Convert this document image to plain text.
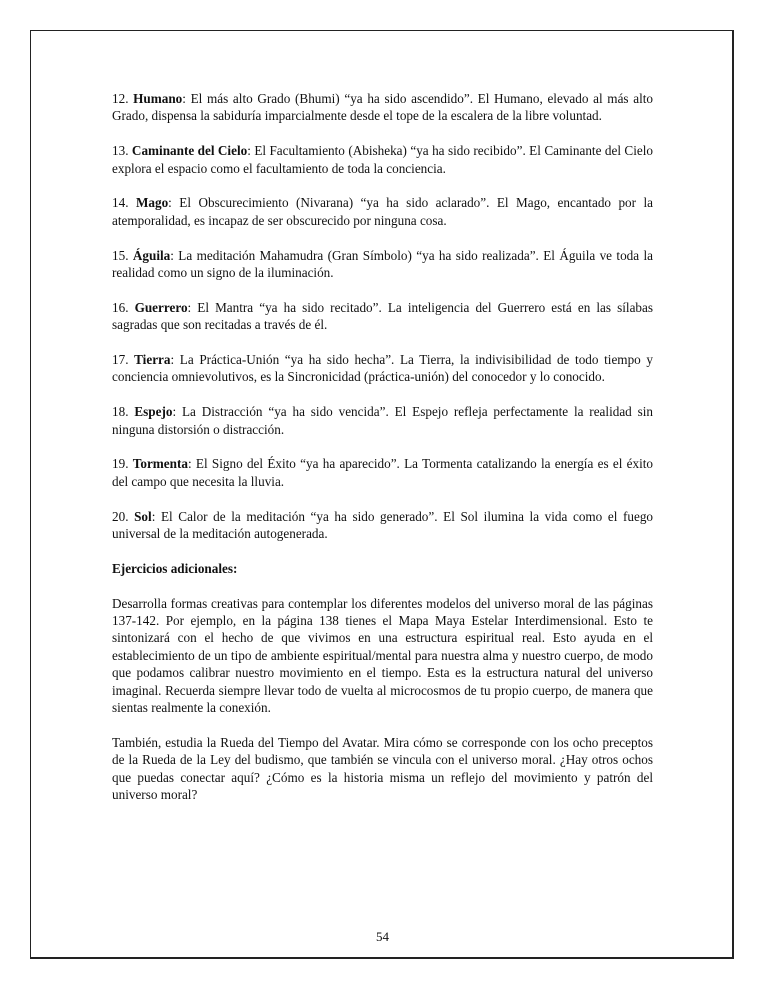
12. Humano: El más alto Grado (Bhumi) “ya ha sido ascendido”. El Humano, elevado al más alto Grado, dispensa la sabiduría imparcialmente desde el tope de la escalera de la libre voluntad.

13. Caminante del Cielo: El Facultamiento (Abisheka) “ya ha sido recibido”. El Caminante del Cielo explora el espacio como el facultamiento de toda la conciencia.

14. Mago: El Obscurecimiento (Nivarana) “ya ha sido aclarado”. El Mago, encantado por la atemporalidad, es incapaz de ser obscurecido por ninguna cosa.

15. Águila: La meditación Mahamudra (Gran Símbolo) “ya ha sido realizada”. El Águila ve toda la realidad como un signo de la iluminación.

16. Guerrero: El Mantra “ya ha sido recitado”. La inteligencia del Guerrero está en las sílabas sagradas que son recitadas a través de él.

17. Tierra: La Práctica-Unión “ya ha sido hecha”. La Tierra, la indivisibilidad de todo tiempo y conciencia omnievolutivos, es la Sincronicidad (práctica-unión) del conocedor y lo conocido.

18. Espejo: La Distracción “ya ha sido vencida”. El Espejo refleja perfectamente la realidad sin ninguna distorsión o distracción.

19. Tormenta: El Signo del Éxito “ya ha aparecido”. La Tormenta catalizando la energía es el éxito del campo que necesita la lluvia.

20. Sol: El Calor de la meditación “ya ha sido generado”. El Sol ilumina la vida como el fuego universal de la meditación autogenerada.

Ejercicios adicionales:

Desarrolla formas creativas para contemplar los diferentes modelos del universo moral de las páginas 137-142. Por ejemplo, en la página 138 tienes el Mapa Maya Estelar Interdimensional. Esto te sintonizará con el hecho de que vivimos en una estructura espiritual real. Esto ayuda en el establecimiento de un tipo de ambiente espiritual/mental para nuestra alma y nuestro cuerpo, de modo que podamos calibrar nuestro movimiento en el tiempo. Esta es la estructura natural del universo imaginal. Recuerda siempre llevar todo de vuelta al microcosmos de tu propio cuerpo, de manera que sientas realmente la conexión.

También, estudia la Rueda del Tiempo del Avatar. Mira cómo se corresponde con los ocho preceptos de la Rueda de la Ley del budismo, que también se vincula con el universo moral. ¿Hay otros ochos que puedas conectar aquí? ¿Cómo es la historia misma un reflejo del movimiento y patrón del universo moral?

54
